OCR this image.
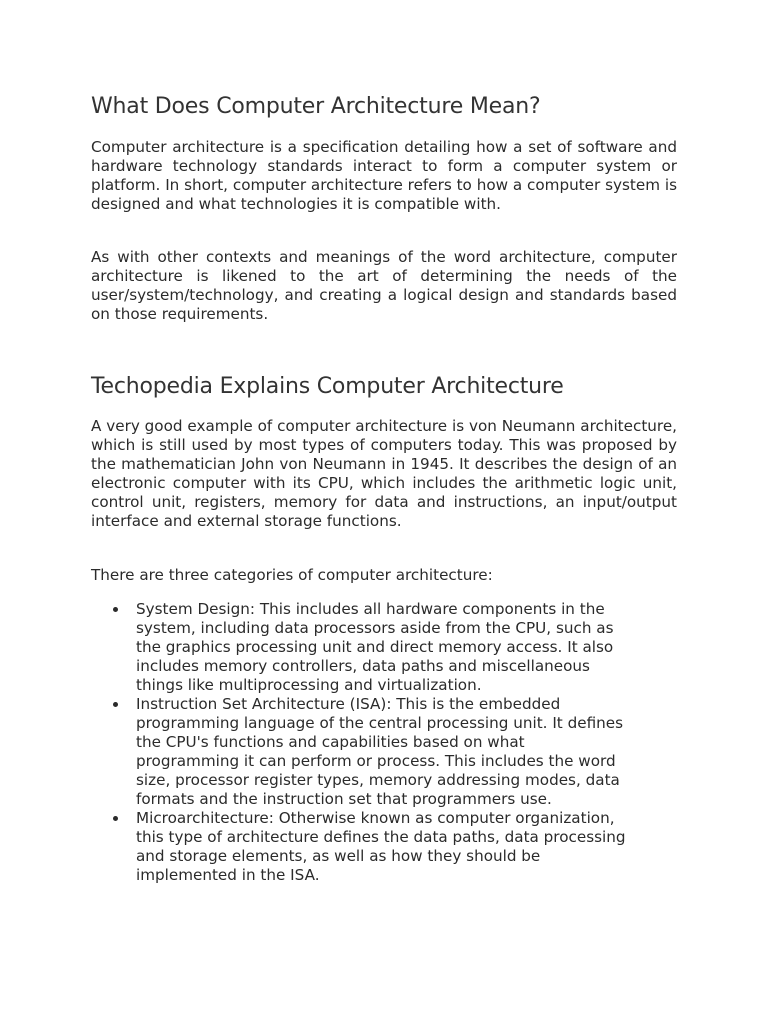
What Does Computer Architecture Mean?

Computer architecture is a specification detailing how a set of software and hardware technology standards interact to form a computer system or platform. In short, computer architecture refers to how a computer system is designed and what technologies it is compatible with.

As with other contexts and meanings of the word architecture, computer architecture is likened to the art of determining the needs of the user/system/technology, and creating a logical design and standards based on those requirements.

Techopedia Explains Computer Architecture

A very good example of computer architecture is von Neumann architecture, which is still used by most types of computers today. This was proposed by the mathematician John von Neumann in 1945. It describes the design of an electronic computer with its CPU, which includes the arithmetic logic unit, control unit, registers, memory for data and instructions, an input/output interface and external storage functions.

There are three categories of computer architecture:

System Design: This includes all hardware components in the system, including data processors aside from the CPU, such as the graphics processing unit and direct memory access. It also includes memory controllers, data paths and miscellaneous things like multiprocessing and virtualization.
Instruction Set Architecture (ISA): This is the embedded programming language of the central processing unit. It defines the CPU's functions and capabilities based on what programming it can perform or process. This includes the word size, processor register types, memory addressing modes, data formats and the instruction set that programmers use.
Microarchitecture: Otherwise known as computer organization, this type of architecture defines the data paths, data processing and storage elements, as well as how they should be implemented in the ISA.
